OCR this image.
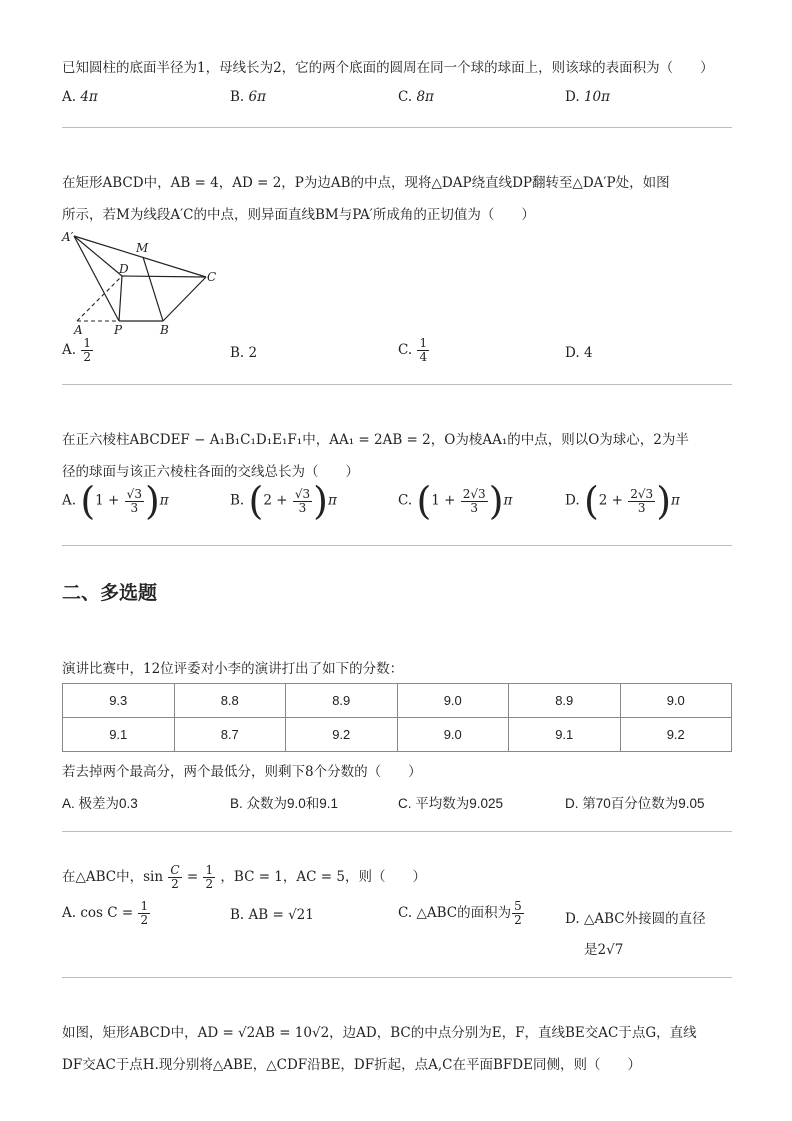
已知圆柱的底面半径为1，母线长为2，它的两个底面的圆周在同一个球的球面上，则该球的表面积为（　　）
A. 4π	B. 6π	C. 8π	D. 10π
在矩形ABCD中，AB = 4，AD = 2，P为边AB的中点，现将△DAP绕直线DP翻转至△DA′P处，如图
所示，若M为线段A′C的中点，则异面直线BM与PA′所成角的正切值为（　　）
A′
M
D
C
A	P	B
A. $\frac{1}{2}$	B. 2	C. $\frac{1}{4}$	D. 4
在正六棱柱ABCDEF − A₁B₁C₁D₁E₁F₁中，AA₁ = 2AB = 2，O为棱AA₁的中点，则以O为球心，2为半
径的球面与该正六棱柱各面的交线总长为（　　）
A. $(1 + \frac{√3}{3} )\pi$	B. $(2 + \frac{√3}{3} )\pi$	C. $(1 + \frac{2√3}{3} )\pi$	D. $(2 + \frac{2√3}{3} )\pi$
二、多选题
演讲比赛中，12位评委对小李的演讲打出了如下的分数：
9.3	8.8	8.9	9.0	8.9	9.0
9.1	8.7	9.2	9.0	9.1	9.2
若去掉两个最高分，两个最低分，则剩下8个分数的（　　）
A. 极差为0.3	B. 众数为9.0和9.1	C. 平均数为9.025	D. 第70百分位数为9.05
在△ABC中，$\sin \frac{C}{2} = \frac{1}{2}$ ，BC = 1，AC = 5，则（　　）
A. $\cos C = \frac{1}{2}$	B. AB = √21	C. △ABC的面积为 $\frac{5}{2}$	D. △ABC外接圆的直径
是2√7
如图，矩形ABCD中，AD = √2AB = 10√2，边AD，BC的中点分别为E，F，直线BE交AC于点G，直线
DF交AC于点H.现分别将△ABE，△CDF沿BE，DF折起，点A,C在平面BFDE同侧，则（　　）
